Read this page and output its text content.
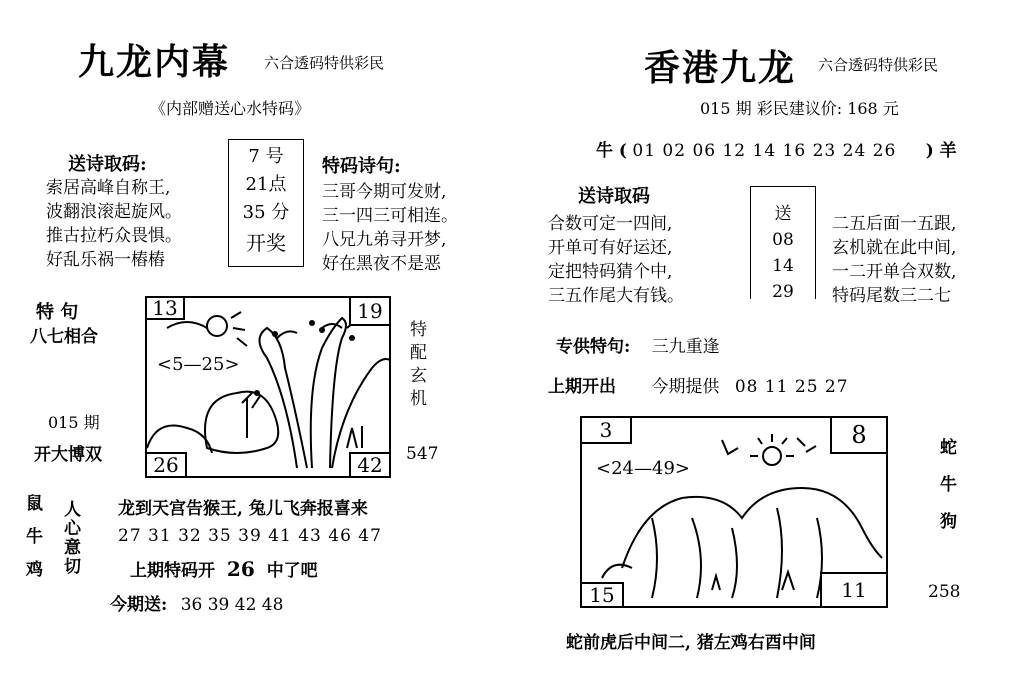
九龙内幕 六合透码特供彩民
《内部赠送心水特码》
送诗取码:
索居高峰自称王,
波翻浪滚起旋风。
推古拉朽众畏惧。
好乱乐祸一樁樁
7 号
21点
35 分
开奖
特码诗句:
三哥今期可发财,
三一四三可相连。
八兄九弟寻开梦,
好在黑夜不是恶
特 句
八七相合
015 期
开大博双
<5—25>
13	19
26	42
特配玄机
547
鼠牛鸡 人心意切 龙到天宫告猴王, 兔儿飞奔报喜来
27 31 32 35 39 41 43 46 47
上期特码开 26 中了吧
今期送: 36 39 42 48
香港九龙 六合透码特供彩民
015 期 彩民建议价: 168 元
牛 ( 01 02 06 12 14 16 23 24 26 ) 羊
送诗取码
合数可定一四间,
开单可有好运还,
定把特码猜个中,
三五作尾大有钱。
送
08
14
29
二五后面一五跟,
玄机就在此中间,
一二开单合双数,
特码尾数三二七
专供特句: 三九重逢
上期开出 今期提供 08 11 25 27
<24—49>
3	8
15	11
蛇牛狗
258
蛇前虎后中间二, 猪左鸡右酉中间
